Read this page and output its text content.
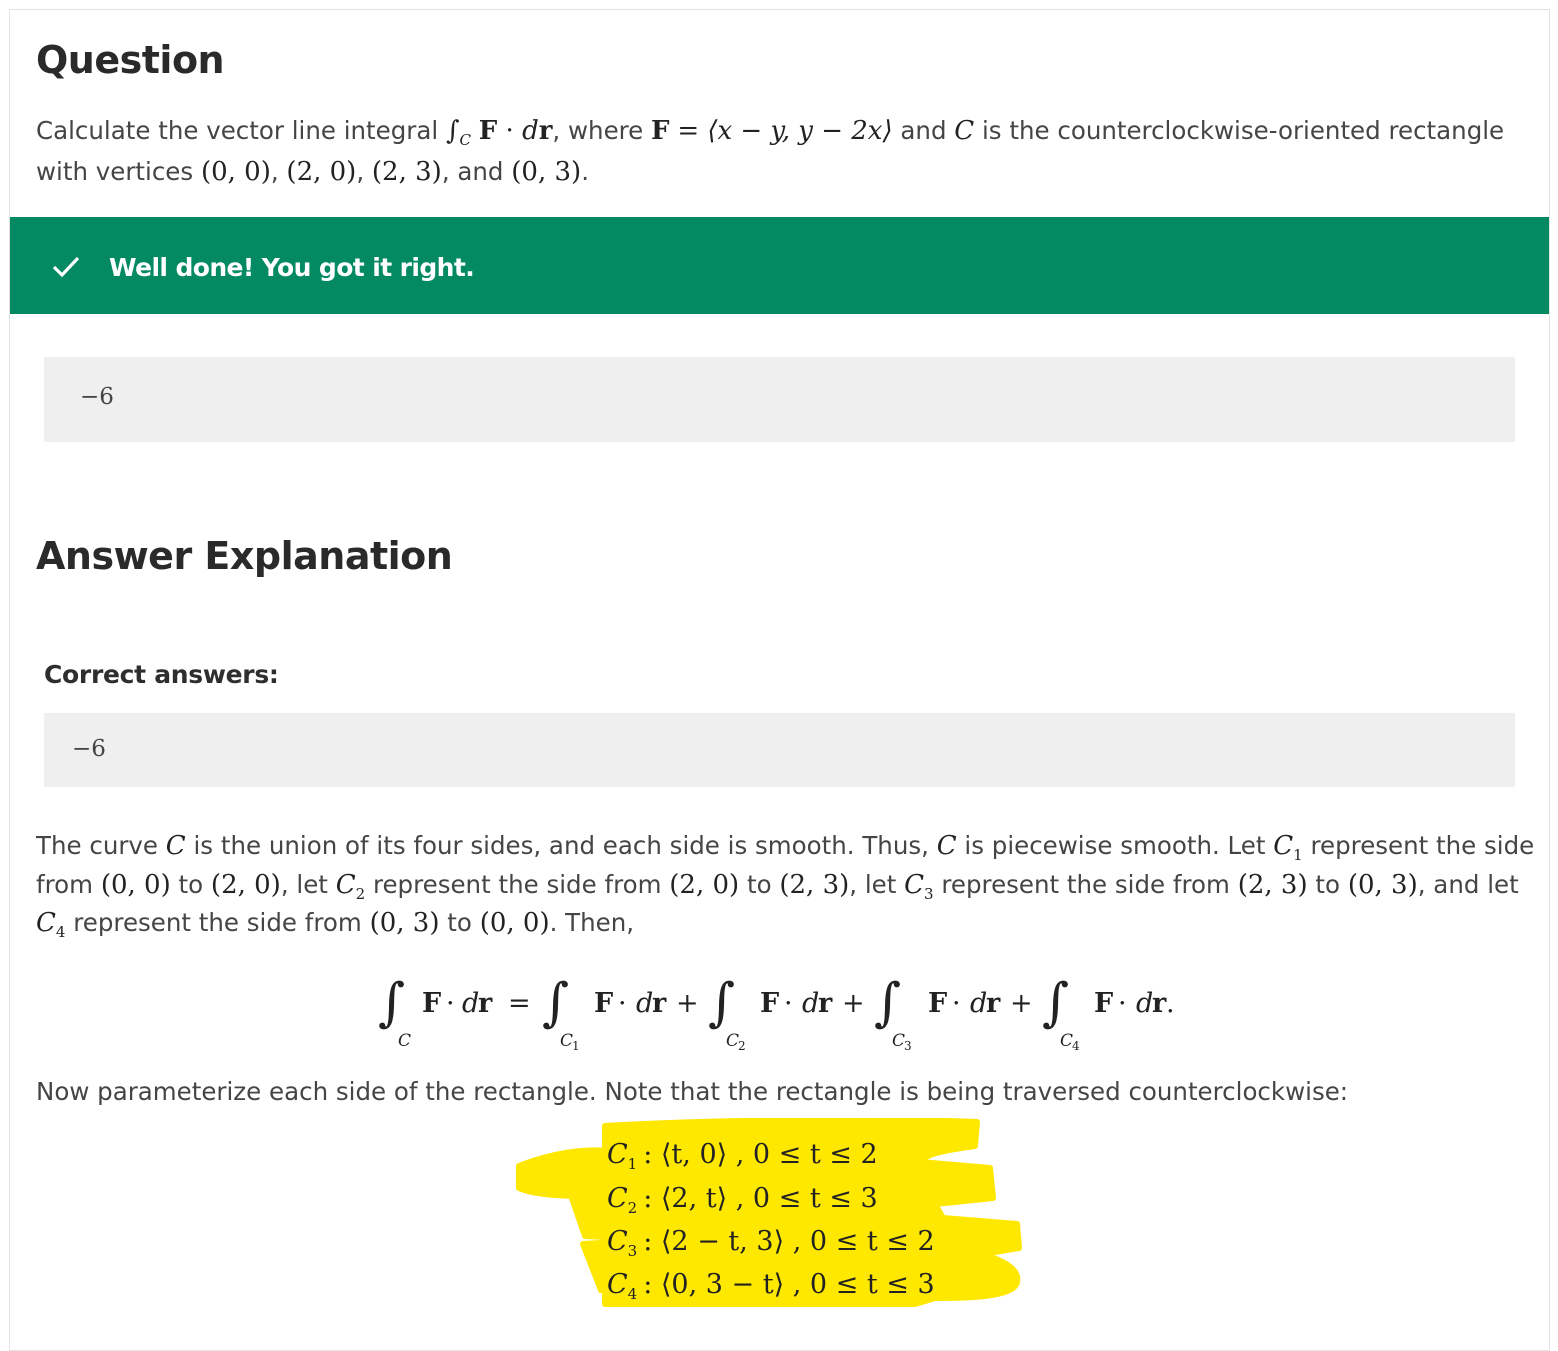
Question
Calculate the vector line integral $\int_C$ F · dr, where F = ⟨x − y, y − 2x⟩ and C is the counterclockwise-oriented rectangle
with vertices (0, 0), (2, 0), (2, 3), and (0, 3).
Well done! You got it right.
−6
Answer Explanation
Correct answers:
−6
The curve C is the union of its four sides, and each side is smooth. Thus, C is piecewise smooth. Let $C_1$ represent the side
from (0, 0) to (2, 0), let $C_2$ represent the side from (2, 0) to (2, 3), let $C_3$ represent the side from (2, 3) to (0, 3), and let
$C_4$ represent the side from (0, 3) to (0, 0). Then,
∫
C
F · d
r = ∫
C
1
F · d
r + ∫
C
2
F · d
r + ∫
C
3
F · d
r + ∫
C
4
F · d
r .
Now parameterize each side of the rectangle. Note that the rectangle is being traversed counterclockwise:
$C_1$ : ⟨t, 0⟩ , 0 ≤ t ≤ 2
$C_2$ : ⟨2, t⟩ , 0 ≤ t ≤ 3
$C_3$ : ⟨2 − t, 3⟩ , 0 ≤ t ≤ 2
$C_4$ : ⟨0, 3 − t⟩ , 0 ≤ t ≤ 3
